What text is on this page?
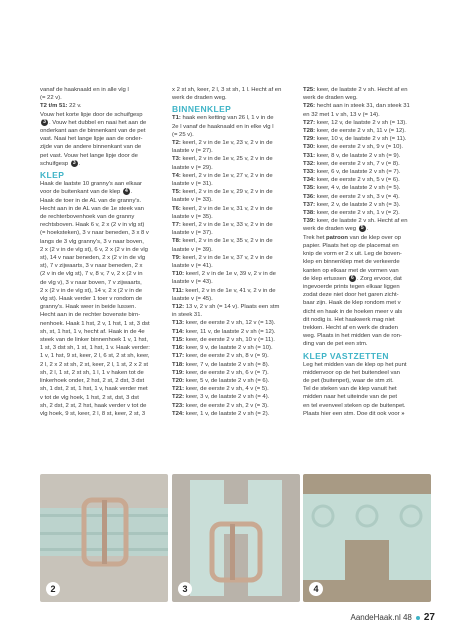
vanaf de haaknaald en in alle vlg l
(= 22 v).
T2 t/m 51: 22 v.
Vouw het korte lipje door de schuifgesp
3 . Vouw het dubbel en naai het aan de
onderkant aan de binnenkant van de pet
vast. Naai het lange lipje aan de onder-
zijde van de andere binnenkant van de
pet vast. Vouw het lange lipje door de
schuifgesp 3 .
KLEP
Haak de laatste 10 granny's aan elkaar
voor de buitenkant van de klep 4 .
Haak de toer in de AL van de granny's.
Hecht aan in de AL van de 1e steek van
de rechterbovenhoek van de granny
rechtsboven. Haak 6 v, 2 x (2 v in vlg st)
(= hoeksteken), 3 v naar beneden, 3 x 8 v
langs de 3 vlg granny's, 3 v naar boven,
2 x (2 v in de vlg st), 6 v, 2 x (2 v in de vlg
st), 14 v naar beneden, 2 x (2 v in de vlg
st), 7 v zijwaarts, 3 v naar beneden, 2 x
(2 v in de vlg st), 7 v, 8 v, 7 v, 2 x (2 v in
de vlg v), 3 v naar boven, 7 v zijwaarts,
2 x (2 v in de vlg st), 14 v, 2 x (2 v in de
vlg st). Haak verder 1 toer v rondom de
granny's. Haak weer in beide lussen.
Hecht aan in de rechter bovenste birn-
nenhoek. Haak 1 hst, 2 v, 1 hst, 1 st, 3 dst
sh, st, 1 hst, 1 v, hecht af. Haak in de 4e
steek van de linker binnenhoek 1 v, 1 hst,
1 st, 3 dst sh, 1 st, 1 hst, 1 v. Haak verder:
1 v, 1 hst, 9 st, keer, 2 l, 6 st, 2 st sh, keer,
2 l, 2 x 2 st sh, 2 st, keer, 2 l, 1 st, 2 x 2 st
sh, 2 l, 1 st, 2 st sh, 1 l, 1 v haken tot de
linkerhoek onder, 2 hst, 2 st, 2 dst, 3 dst
sh, 1 dst, 2 st, 1 hst, 1 v, haak verder met
v tot de vlg hoek, 1 hst, 2 st, dst, 3 dst
sh, 2 dst, 2 st, 2 hst, haak verder v tot de
vlg hoek, 9 st, keer, 2 l, 8 st, keer, 2 st, 3
x 2 st sh, keer, 2 l, 3 st sh, 1 l. Hecht af en
werk de draden weg.
BINNENKLEP
T1: haak een ketting van 26 l, 1 v in de
2e l vanaf de haaknaald en in elke vlg l
(= 25 v).
T2: keerl, 2 v in de 1e v, 23 v, 2 v in de
laatste v (= 27).
T3: keerl, 2 v in de 1e v, 25 v, 2 v in de
laatste v (= 29).
T4: keerl, 2 v in de 1e v, 27 v, 2 v in de
laatste v (= 31).
T5: keerl, 2 v in de 1e v, 29 v, 2 v in de
laatste v (= 33).
T6: keerl, 2 v in de 1e v, 31 v, 2 v in de
laatste v (= 35).
T7: keerl, 2 v in de 1e v, 33 v, 2 v in de
laatste v (= 37).
T8: keerl, 2 v in de 1e v, 35 v, 2 v in de
laatste v (= 39).
T9: keerl, 2 v in de 1e v, 37 v, 2 v in de
laatste v (= 41).
T10: keerl, 2 v in de 1e v, 39 v, 2 v in de
laatste v (= 43).
T11: keerl, 2 v in de 1e v, 41 v, 2 v in de
laatste v (= 45).
T12: 13 v, 2 v sh (= 14 v). Plaats een stm
in steek 31.
T13: keer, de eerste 2 v sh, 12 v (= 13).
T14: keer, 11 v, de laatste 2 v sh (= 12).
T15: keer, de eerste 2 v sh, 10 v (= 11).
T16: keer, 9 v, de laatste 2 v sh (= 10).
T17: keer, de eerste 2 v sh, 8 v (= 9).
T18: keer, 7 v, de laatste 2 v sh (= 8).
T19: keer, de eerste 2 v sh, 6 v (= 7).
T20: keer, 5 v, de laatste 2 v sh (= 6).
T21: keer, de eerste 2 v sh, 4 v (= 5).
T22: keer, 3 v, de laatste 2 v sh (= 4).
T23: keer, de eerste 2 v sh, 2 v (= 3).
T24: keer, 1 v, de laatste 2 v sh (= 2).
T25: keer, de laatste 2 v sh. Hecht af en
werk de draden weg.
T26: hecht aan in steek 31, dan steek 31
en 32 met 1 v sh, 13 v (= 14).
T27: keer, 12 v, de laatste 2 v sh (= 13).
T28: keer, de eerste 2 v sh, 11 v (= 12).
T29: keer, 10 v, de laatste 2 v sh (= 11).
T30: keer, de eerste 2 v sh, 9 v (= 10).
T31: keer, 8 v, de laatste 2 v sh (= 9).
T32: keer, de eerste 2 v sh, 7 v (= 8).
T33: keer, 6 v, de laatste 2 v sh (= 7).
T34: keer, de eerste 2 v sh, 5 v (= 6).
T35: keer, 4 v, de laatste 2 v sh (= 5).
T36: keer, de eerste 2 v sh, 3 v (= 4).
T37: keer, 2 v, de laatste 2 v sh (= 3).
T38: keer, de eerste 2 v sh, 1 v (= 2).
T39: keer, de laatste 2 v sh. Hecht af en
werk de draden weg 5 .
Trek het patroon van de klep over op
papier. Plaats het op de placemat en
knip de vorm er 2 x uit. Leg de boven-
klep en binnenklep met de verkeerde
kanten op elkaar met de vormen van
de klep ertussen 6 . Zorg ervoor, dat
ingevoerde prints tegen elkaar liggen
zodat deze niet door het garen zicht-
baar zijn. Haak de klep rondom met v
dicht en haak in de hoeken meer v als
dit nodig is. Het haakwerk mag niet
trekken. Hecht af en werk de draden
weg. Plaats in het midden van de ron-
ding van de pet een stm.
KLEP VASTZETTEN
Leg het midden van de klep op het punt
middenvoor op de het buitendeel van
de pet (buitenpet), waar de stm zit.
Tel de steken van de klep vanuit het
midden naar het uiteinde van de pet
en tel evenveel steken op de buitenpet.
Plaats hier een stm. Doe dit ook voor »
2	3	4
AandeHaak.nl 48 27
